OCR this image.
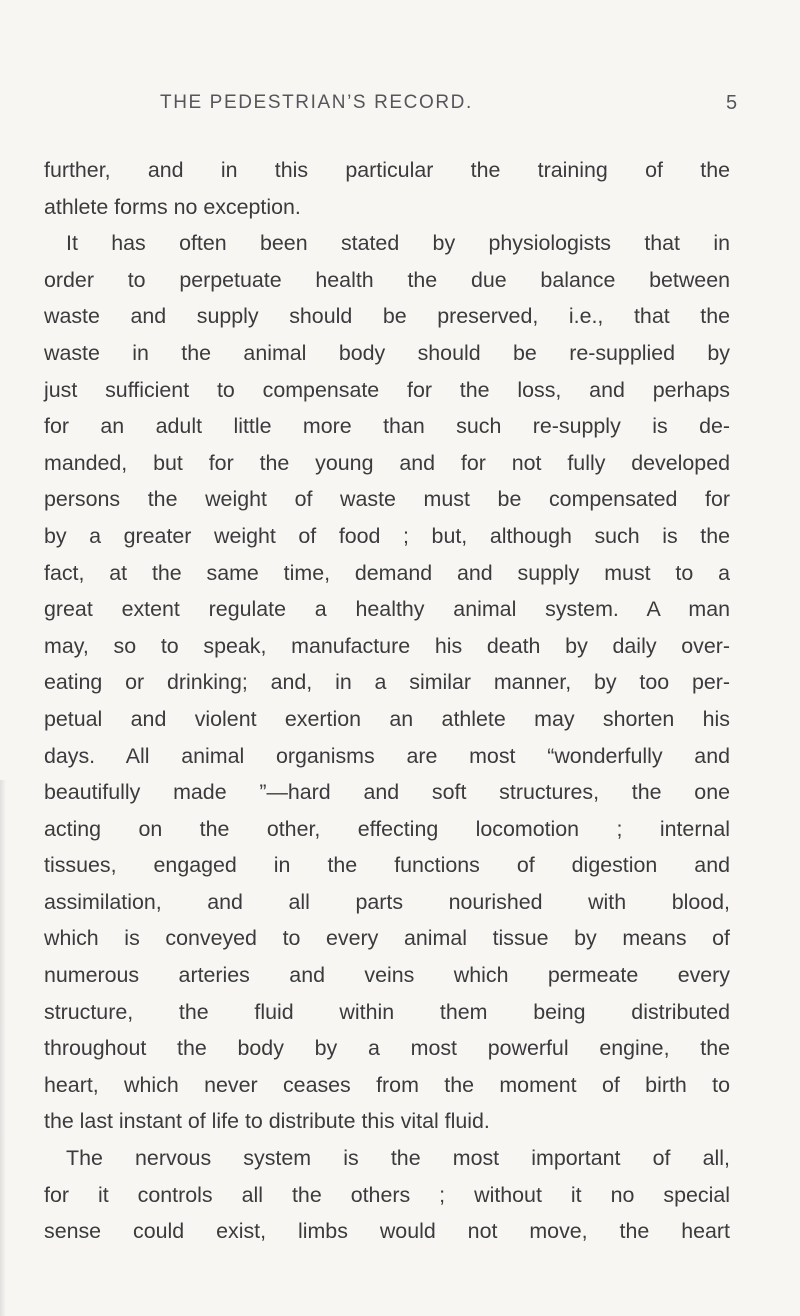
THE PEDESTRIAN’S RECORD.	5
further, and in this particular the training of the
athlete forms no exception.
It has often been stated by physiologists that in
order to perpetuate health the due balance between
waste and supply should be preserved, i.e., that the
waste in the animal body should be re-supplied by
just sufficient to compensate for the loss, and perhaps
for an adult little more than such re-supply is de-
manded, but for the young and for not fully developed
persons the weight of waste must be compensated for
by a greater weight of food ; but, although such is the
fact, at the same time, demand and supply must to a
great extent regulate a healthy animal system. A man
may, so to speak, manufacture his death by daily over-
eating or drinking; and, in a similar manner, by too per-
petual and violent exertion an athlete may shorten his
days. All animal organisms are most “wonderfully and
beautifully made ”—hard and soft structures, the one
acting on the other, effecting locomotion ; internal
tissues, engaged in the functions of digestion and
assimilation, and all parts nourished with blood,
which is conveyed to every animal tissue by means of
numerous arteries and veins which permeate every
structure, the fluid within them being distributed
throughout the body by a most powerful engine, the
heart, which never ceases from the moment of birth to
the last instant of life to distribute this vital fluid.
The nervous system is the most important of all,
for it controls all the others ; without it no special
sense could exist, limbs would not move, the heart
